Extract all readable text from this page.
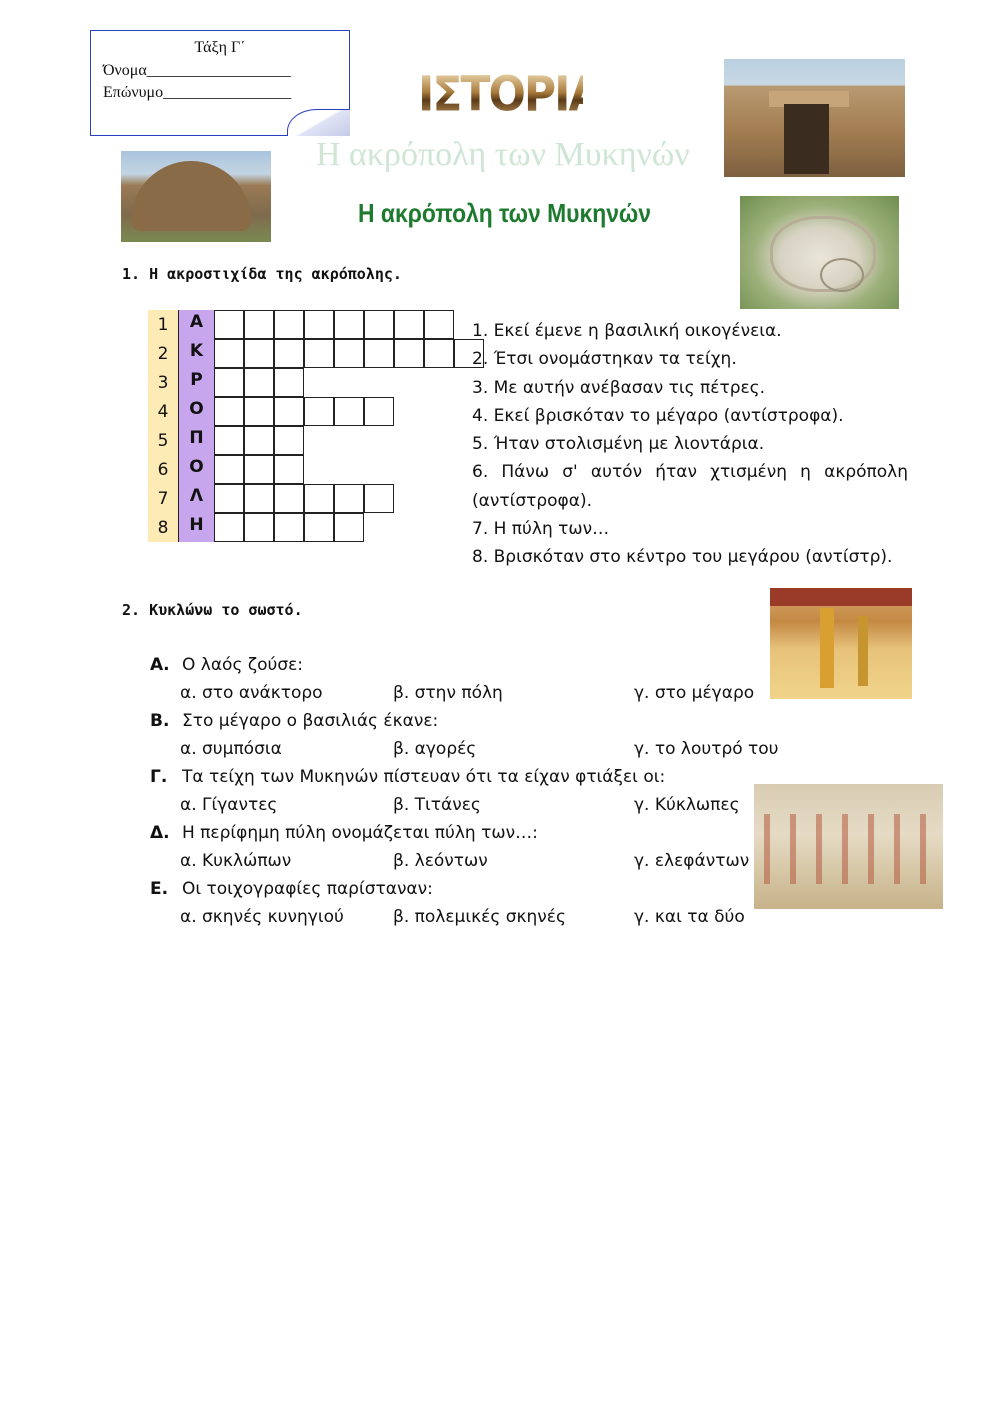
Τάξη Γ΄
Όνομα__________________
Επώνυμο________________	ΙΣΤΟΡΙΑ
Η ακρόπολη των Μυκηνών
Η ακρόπολη των Μυκηνών
1. Η ακροστιχίδα της ακρόπολης.
1	Α
2	Κ
3	Ρ
4	Ο
5	Π
6	Ο
7	Λ
8	Η
1. Εκεί έμενε η βασιλική οικογένεια.
2. Έτσι ονομάστηκαν τα τείχη.
3. Με αυτήν ανέβασαν τις πέτρες.
4. Εκεί βρισκόταν το μέγαρο (αντίστροφα).
5. Ήταν στολισμένη με λιοντάρια.
6. Πάνω σ' αυτόν ήταν χτισμένη η ακρόπολη (αντίστροφα).
7. Η πύλη των…
8. Βρισκόταν στο κέντρο του μεγάρου (αντίστρ).
2. Κυκλώνω το σωστό.
Α. Ο λαός ζούσε:
α. στο ανάκτορο	β. στην πόλη	γ. στο μέγαρο
Β. Στο μέγαρο ο βασιλιάς έκανε:
α. συμπόσια	β. αγορές	γ. το λουτρό του
Γ. Τα τείχη των Μυκηνών πίστευαν ότι τα είχαν φτιάξει οι:
α. Γίγαντες	β. Τιτάνες	γ. Κύκλωπες
Δ. Η περίφημη πύλη ονομάζεται πύλη των…:
α. Κυκλώπων	β. λεόντων	γ. ελεφάντων
Ε. Οι τοιχογραφίες παρίσταναν:
α. σκηνές κυνηγιού	β. πολεμικές σκηνές	γ. και τα δύο
